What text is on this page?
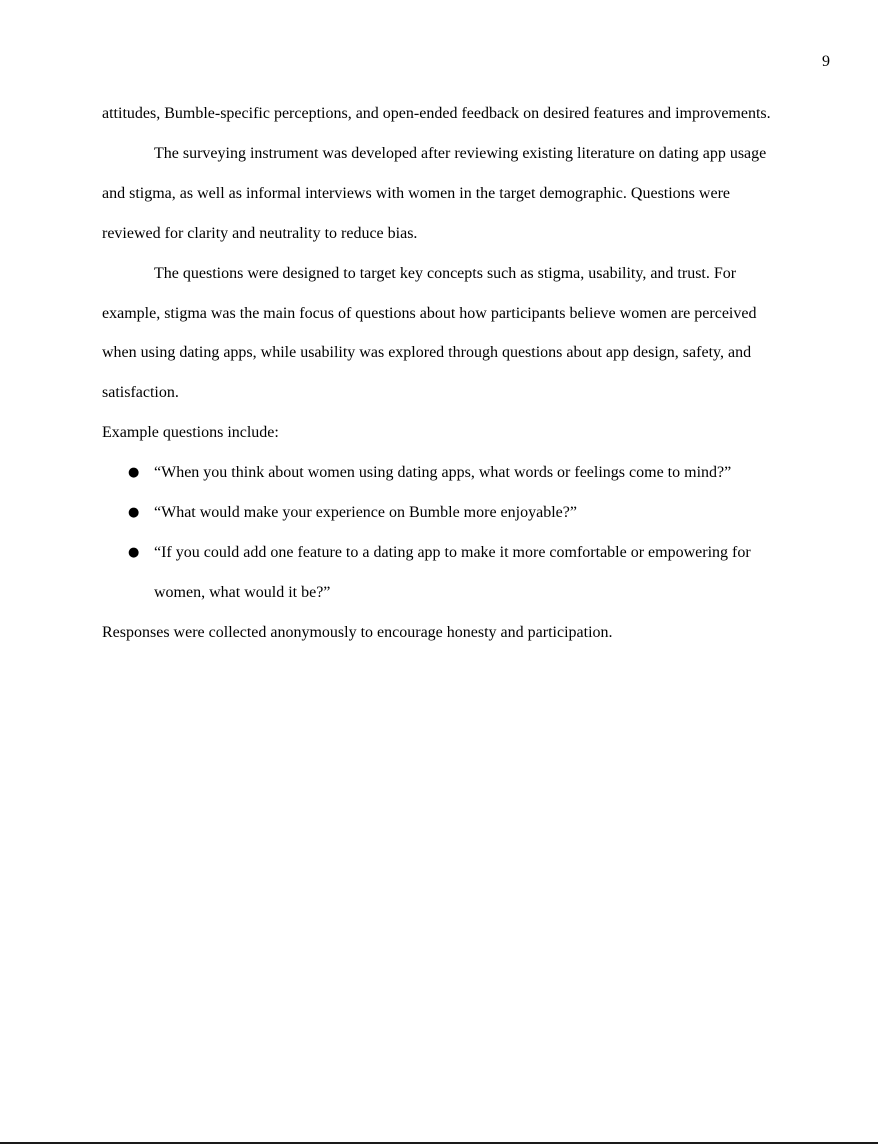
9

attitudes, Bumble-specific perceptions, and open-ended feedback on desired features and improvements.

The surveying instrument was developed after reviewing existing literature on dating app usage and stigma, as well as informal interviews with women in the target demographic. Questions were reviewed for clarity and neutrality to reduce bias.

The questions were designed to target key concepts such as stigma, usability, and trust. For example, stigma was the main focus of questions about how participants believe women are perceived when using dating apps, while usability was explored through questions about app design, safety, and satisfaction.

Example questions include:

● “When you think about women using dating apps, what words or feelings come to mind?”
● “What would make your experience on Bumble more enjoyable?”
● “If you could add one feature to a dating app to make it more comfortable or empowering for women, what would it be?”

Responses were collected anonymously to encourage honesty and participation.
